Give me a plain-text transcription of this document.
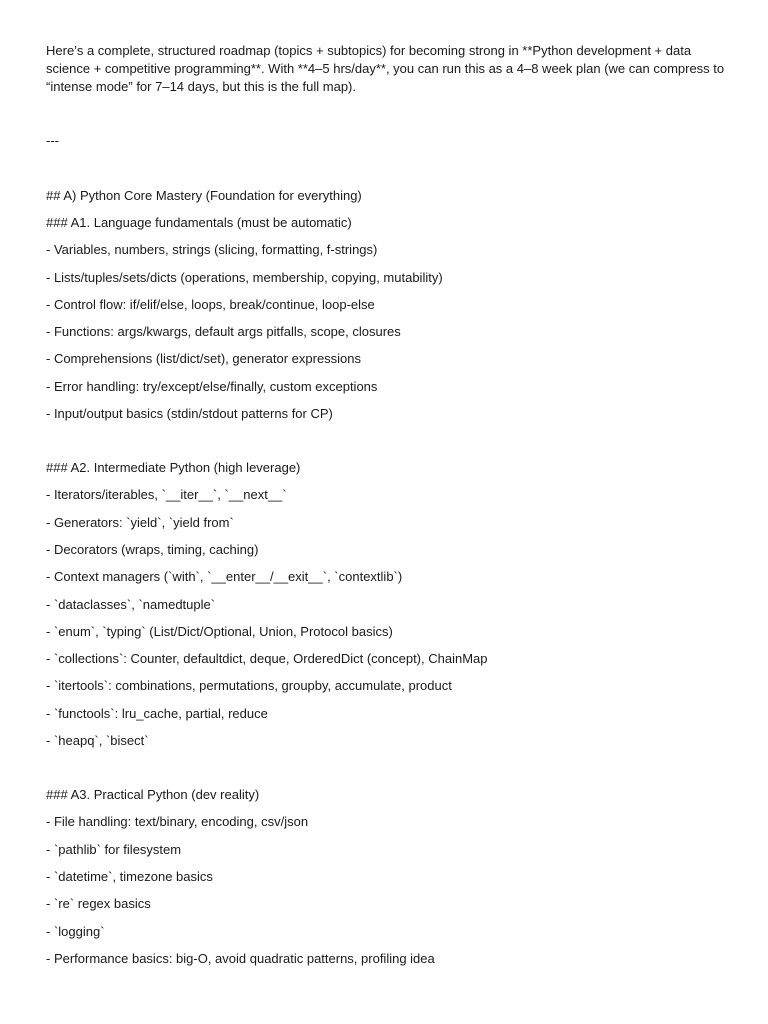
Here’s a complete, structured roadmap (topics + subtopics) for becoming strong in **Python development + data science + competitive programming**. With **4–5 hrs/day**, you can run this as a 4–8 week plan (we can compress to “intense mode” for 7–14 days, but this is the full map).

---

## A) Python Core Mastery (Foundation for everything)

### A1. Language fundamentals (must be automatic)

- Variables, numbers, strings (slicing, formatting, f-strings)
- Lists/tuples/sets/dicts (operations, membership, copying, mutability)
- Control flow: if/elif/else, loops, break/continue, loop-else
- Functions: args/kwargs, default args pitfalls, scope, closures
- Comprehensions (list/dict/set), generator expressions
- Error handling: try/except/else/finally, custom exceptions
- Input/output basics (stdin/stdout patterns for CP)

### A2. Intermediate Python (high leverage)

- Iterators/iterables, `__iter__`, `__next__`
- Generators: `yield`, `yield from`
- Decorators (wraps, timing, caching)
- Context managers (`with`, `__enter__/__exit__`, `contextlib`)
- `dataclasses`, `namedtuple`
- `enum`, `typing` (List/Dict/Optional, Union, Protocol basics)
- `collections`: Counter, defaultdict, deque, OrderedDict (concept), ChainMap
- `itertools`: combinations, permutations, groupby, accumulate, product
- `functools`: lru_cache, partial, reduce
- `heapq`, `bisect`

### A3. Practical Python (dev reality)

- File handling: text/binary, encoding, csv/json
- `pathlib` for filesystem
- `datetime`, timezone basics
- `re` regex basics
- `logging`
- Performance basics: big-O, avoid quadratic patterns, profiling idea
